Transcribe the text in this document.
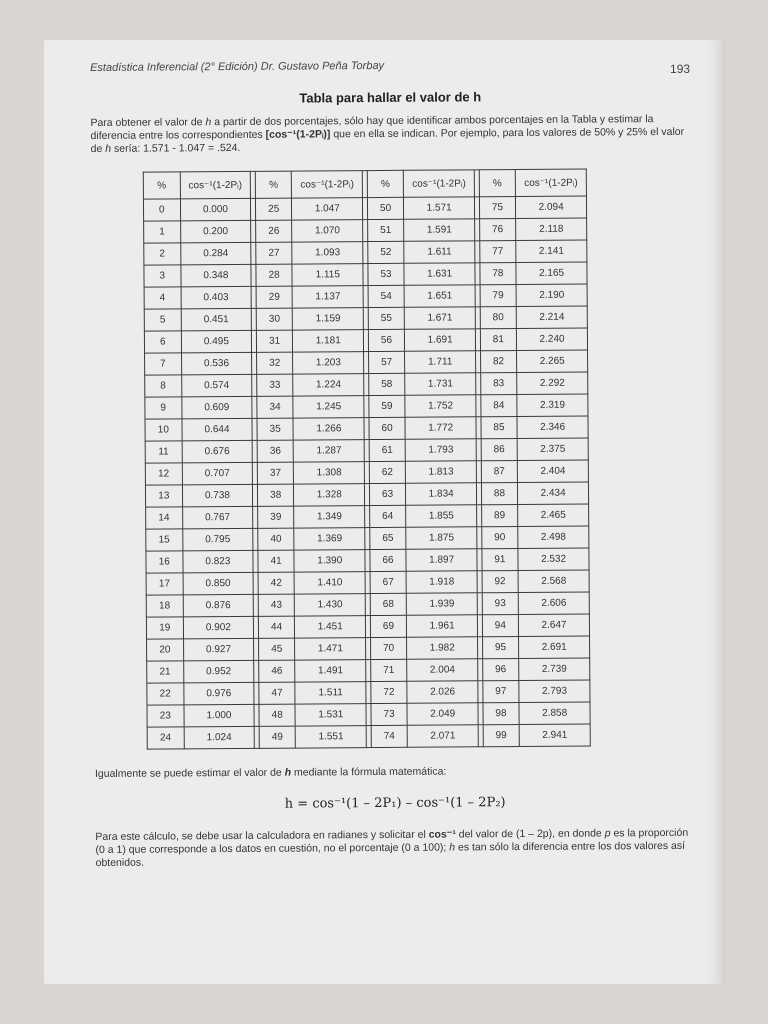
Estadística Inferencial (2° Edición) Dr. Gustavo Peña Torbay	193
Tabla para hallar el valor de h
Para obtener el valor de h a partir de dos porcentajes, sólo hay que identificar ambos porcentajes en la Tabla y estimar la diferencia entre los correspondientes [cos⁻¹(1-2Pᵢ)] que en ella se indican. Por ejemplo, para los valores de 50% y 25% el valor de h sería: 1.571 - 1.047 = .524.
%	cos⁻¹(1-2Pᵢ)		%	cos⁻¹(1-2Pᵢ)		%	cos⁻¹(1-2Pᵢ)		%	cos⁻¹(1-2Pᵢ)
0	0.000		25	1.047		50	1.571		75	2.094
1	0.200		26	1.070		51	1.591		76	2.118
2	0.284		27	1.093		52	1.611		77	2.141
3	0.348		28	1.115		53	1.631		78	2.165
4	0.403		29	1.137		54	1.651		79	2.190
5	0.451		30	1.159		55	1.671		80	2.214
6	0.495		31	1.181		56	1.691		81	2.240
7	0.536		32	1.203		57	1.711		82	2.265
8	0.574		33	1.224		58	1.731		83	2.292
9	0.609		34	1.245		59	1.752		84	2.319
10	0.644		35	1.266		60	1.772		85	2.346
11	0.676		36	1.287		61	1.793		86	2.375
12	0.707		37	1.308		62	1.813		87	2.404
13	0.738		38	1.328		63	1.834		88	2.434
14	0.767		39	1.349		64	1.855		89	2.465
15	0.795		40	1.369		65	1.875		90	2.498
16	0.823		41	1.390		66	1.897		91	2.532
17	0.850		42	1.410		67	1.918		92	2.568
18	0.876		43	1.430		68	1.939		93	2.606
19	0.902		44	1.451		69	1.961		94	2.647
20	0.927		45	1.471		70	1.982		95	2.691
21	0.952		46	1.491		71	2.004		96	2.739
22	0.976		47	1.511		72	2.026		97	2.793
23	1.000		48	1.531		73	2.049		98	2.858
24	1.024		49	1.551		74	2.071		99	2.941
Igualmente se puede estimar el valor de h mediante la fórmula matemática:
h = cos⁻¹(1 – 2P₁) – cos⁻¹(1 – 2P₂)
Para este cálculo, se debe usar la calculadora en radianes y solicitar el cos⁻¹ del valor de (1 – 2p), en donde p es la proporción (0 a 1) que corresponde a los datos en cuestión, no el porcentaje (0 a 100); h es tan sólo la diferencia entre los dos valores así obtenidos.
